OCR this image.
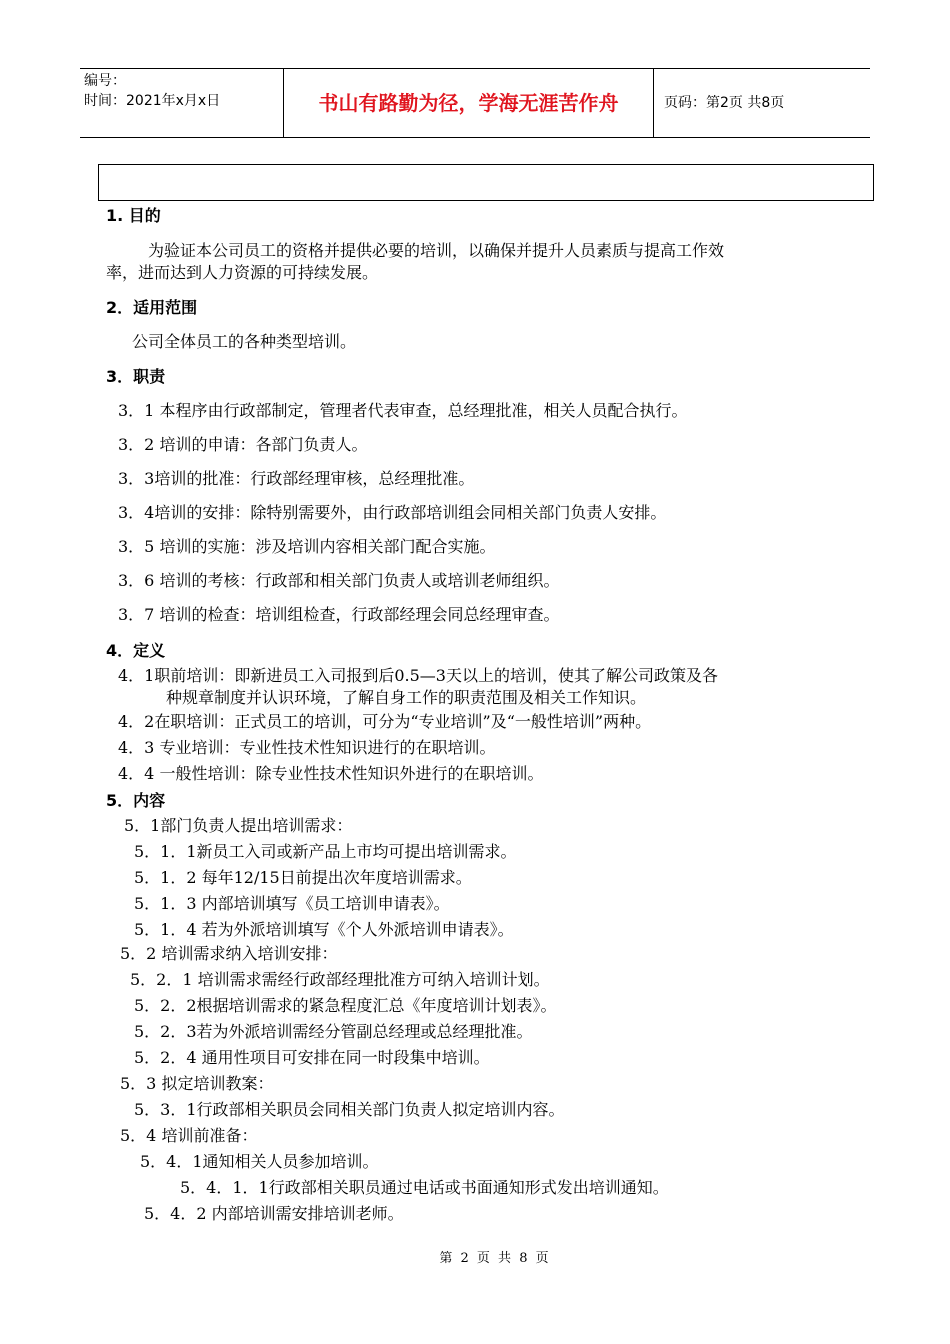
编号：
时间：2021年x月x日	书山有路勤为径，学海无涯苦作舟	页码：第2页 共8页
1. 目的
为验证本公司员工的资格并提供必要的培训，以确保并提升人员素质与提高工作效
率，进而达到人力资源的可持续发展。
2．适用范围
公司全体员工的各种类型培训。
3．职责
3．1 本程序由行政部制定，管理者代表审查，总经理批准，相关人员配合执行。
3．2 培训的申请：各部门负责人。
3．3培训的批准：行政部经理审核，总经理批准。
3．4培训的安排：除特别需要外，由行政部培训组会同相关部门负责人安排。
3．5 培训的实施：涉及培训内容相关部门配合实施。
3．6 培训的考核：行政部和相关部门负责人或培训老师组织。
3．7 培训的检查：培训组检查，行政部经理会同总经理审查。
4．定义
4．1职前培训：即新进员工入司报到后0.5—3天以上的培训，使其了解公司政策及各
种规章制度并认识环境，了解自身工作的职责范围及相关工作知识。
4．2在职培训：正式员工的培训，可分为“专业培训”及“一般性培训”两种。
4．3 专业培训：专业性技术性知识进行的在职培训。
4．4 一般性培训：除专业性技术性知识外进行的在职培训。
5．内容
5．1部门负责人提出培训需求：
5．1．1新员工入司或新产品上市均可提出培训需求。
5．1．2 每年12/15日前提出次年度培训需求。
5．1．3 内部培训填写《员工培训申请表》。
5．1．4 若为外派培训填写《个人外派培训申请表》。
5．2 培训需求纳入培训安排：
5．2．1 培训需求需经行政部经理批准方可纳入培训计划。
5．2．2根据培训需求的紧急程度汇总《年度培训计划表》。
5．2．3若为外派培训需经分管副总经理或总经理批准。
5．2．4 通用性项目可安排在同一时段集中培训。
5．3 拟定培训教案：
5．3．1行政部相关职员会同相关部门负责人拟定培训内容。
5．4 培训前准备：
5．4．1通知相关人员参加培训。
5．4．1．1行政部相关职员通过电话或书面通知形式发出培训通知。
5．4．2 内部培训需安排培训老师。
第 2 页 共 8 页
